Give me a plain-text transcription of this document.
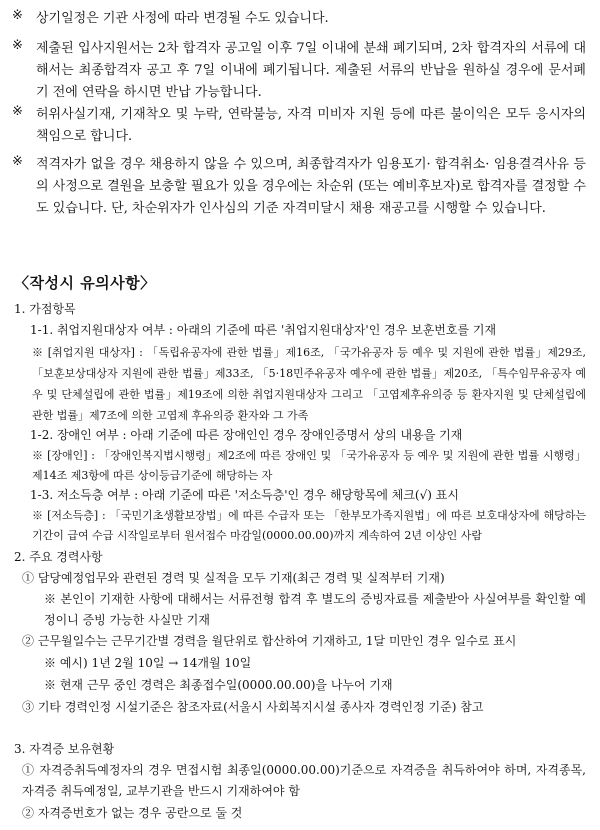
※ 상기일정은 기관 사정에 따라 변경될 수도 있습니다.
※ 제출된 입사지원서는 2차 합격자 공고일 이후 7일 이내에 분쇄 폐기되며, 2차 합격자의 서류에 대해서는 최종합격자 공고 후 7일 이내에 폐기됩니다. 제출된 서류의 반납을 원하실 경우에 문서폐기 전에 연락을 하시면 반납 가능합니다.
※ 허위사실기재, 기재착오 및 누락, 연락불능, 자격 미비자 지원 등에 따른 불이익은 모두 응시자의 책임으로 합니다.
※ 적격자가 없을 경우 채용하지 않을 수 있으며, 최종합격자가 임용포기· 합격취소· 임용결격사유 등의 사정으로 결원을 보충할 필요가 있을 경우에는 차순위 (또는 예비후보자)로 합격자를 결정할 수도 있습니다. 단, 차순위자가 인사심의 기준 자격미달시 채용 재공고를 시행할 수 있습니다.
〈작성시 유의사항〉
1. 가점항목
1-1. 취업지원대상자 여부 : 아래의 기준에 따른 '취업지원대상자'인 경우 보훈번호를 기재
※ [취업지원 대상자] : 「독립유공자에 관한 법률」제16조, 「국가유공자 등 예우 및 지원에 관한 법률」제29조, 「보훈보상대상자 지원에 관한 법률」제33조, 「5·18민주유공자 예우에 관한 법률」제20조, 「특수임무유공자 예우 및 단체설립에 관한 법률」제19조에 의한 취업지원대상자 그리고 「고엽제후유의증 등 환자지원 및 단체설립에 관한 법률」제7조에 의한 고엽제 후유의증 환자와 그 가족
1-2. 장애인 여부 : 아래 기준에 따른 장애인인 경우 장애인증명서 상의 내용을 기재
※ [장애인] : 「장애인복지법시행령」제2조에 따른 장애인 및 「국가유공자 등 예우 및 지원에 관한 법률 시행령」제14조 제3항에 따른 상이등급기준에 해당하는 자
1-3. 저소득층 여부 : 아래 기준에 따른 '저소득층'인 경우 해당항목에 체크(√) 표시
※ [저소득층] : 「국민기초생활보장법」에 따른 수급자 또는 「한부모가족지원법」에 따른 보호대상자에 해당하는 기간이 급여 수급 시작일로부터 원서접수 마감일(0000.00.00)까지 계속하여 2년 이상인 사람
2. 주요 경력사항
① 담당예정업무와 관련된 경력 및 실적을 모두 기재(최근 경력 및 실적부터 기재)
※ 본인이 기재한 사항에 대해서는 서류전형 합격 후 별도의 증빙자료를 제출받아 사실여부를 확인할 예정이니 증빙 가능한 사실만 기재
② 근무월일수는 근무기간별 경력을 월단위로 합산하여 기재하고, 1달 미만인 경우 일수로 표시
※ 예시) 1년 2월 10일 → 14개월 10일
※ 현재 근무 중인 경력은 최종접수일(0000.00.00)을 나누어 기재
③ 기타 경력인정 시설기준은 참조자료(서울시 사회복지시설 종사자 경력인정 기준) 참고
3. 자격증 보유현황
① 자격증취득예정자의 경우 면접시험 최종일(0000.00.00)기준으로 자격증을 취득하여야 하며, 자격종목, 자격증 취득예정일, 교부기관을 반드시 기재하여야 함
② 자격증번호가 없는 경우 공란으로 둘 것
